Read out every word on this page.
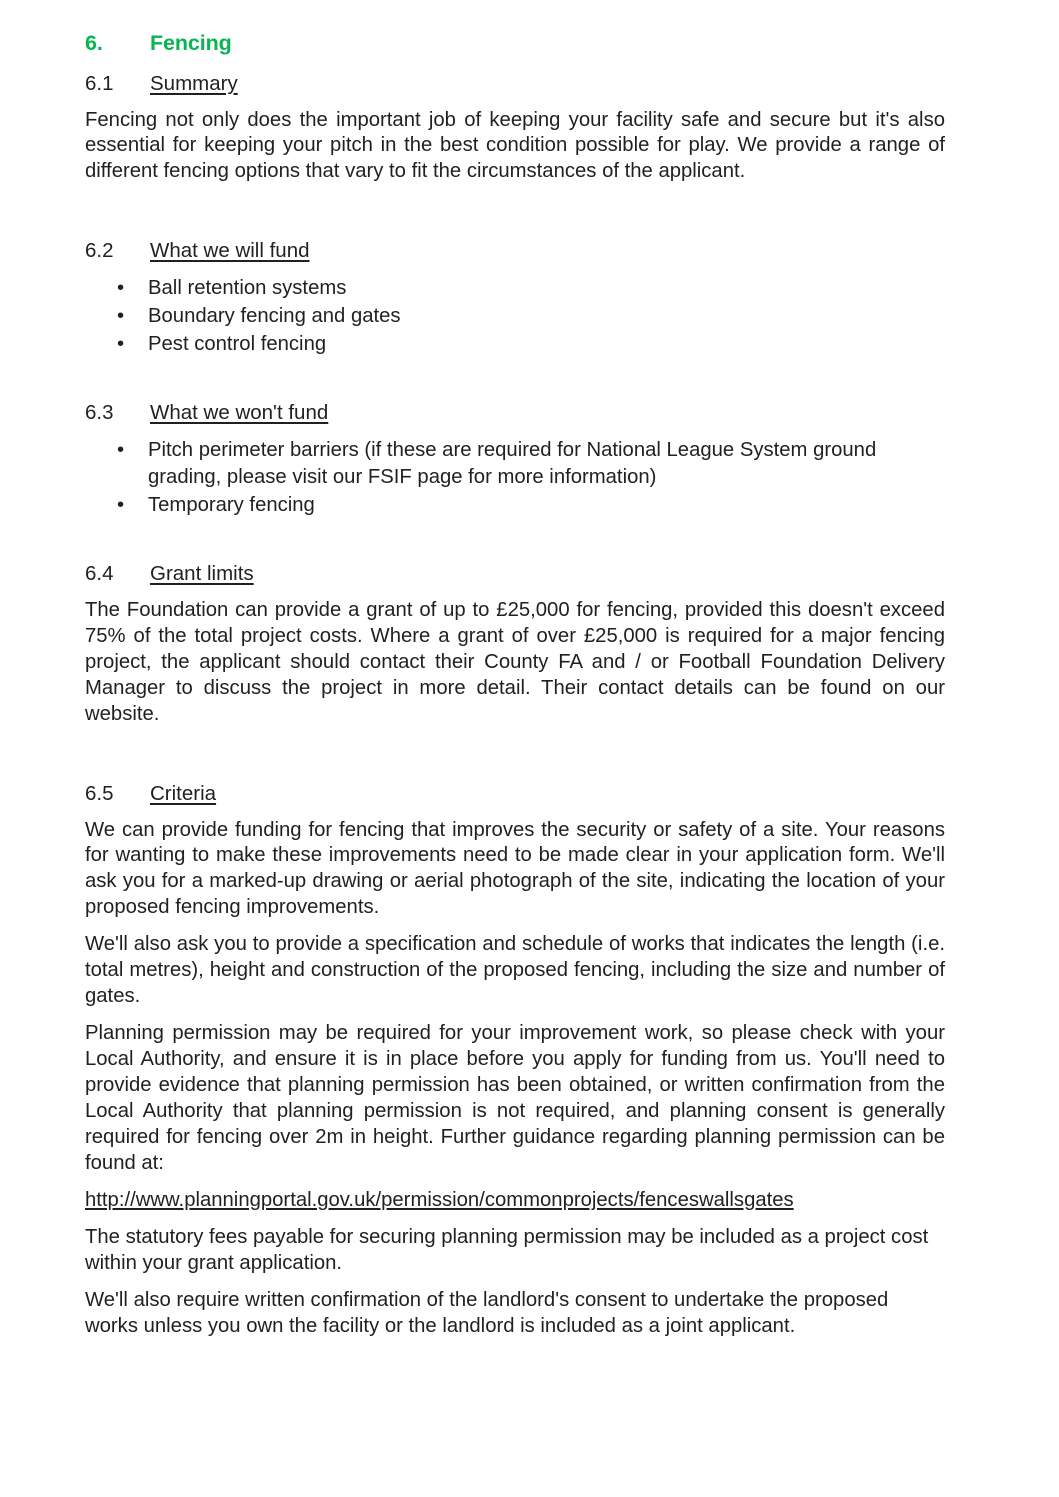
6.	Fencing
6.1	Summary

Fencing not only does the important job of keeping your facility safe and secure but it's also essential for keeping your pitch in the best condition possible for play. We provide a range of different fencing options that vary to fit the circumstances of the applicant.

6.2	What we will fund
• Ball retention systems
• Boundary fencing and gates
• Pest control fencing
6.3	What we won't fund
• Pitch perimeter barriers (if these are required for National League System ground grading, please visit our FSIF page for more information)
• Temporary fencing
6.4	Grant limits

The Foundation can provide a grant of up to £25,000 for fencing, provided this doesn't exceed 75% of the total project costs. Where a grant of over £25,000 is required for a major fencing project, the applicant should contact their County FA and / or Football Foundation Delivery Manager to discuss the project in more detail. Their contact details can be found on our website.

6.5	Criteria

We can provide funding for fencing that improves the security or safety of a site. Your reasons for wanting to make these improvements need to be made clear in your application form. We'll ask you for a marked-up drawing or aerial photograph of the site, indicating the location of your proposed fencing improvements.

We'll also ask you to provide a specification and schedule of works that indicates the length (i.e. total metres), height and construction of the proposed fencing, including the size and number of gates.

Planning permission may be required for your improvement work, so please check with your Local Authority, and ensure it is in place before you apply for funding from us. You'll need to provide evidence that planning permission has been obtained, or written confirmation from the Local Authority that planning permission is not required, and planning consent is generally required for fencing over 2m in height. Further guidance regarding planning permission can be found at:

http://www.planningportal.gov.uk/permission/commonprojects/fenceswallsgates

The statutory fees payable for securing planning permission may be included as a project cost within your grant application.

We'll also require written confirmation of the landlord's consent to undertake the proposed works unless you own the facility or the landlord is included as a joint applicant.
